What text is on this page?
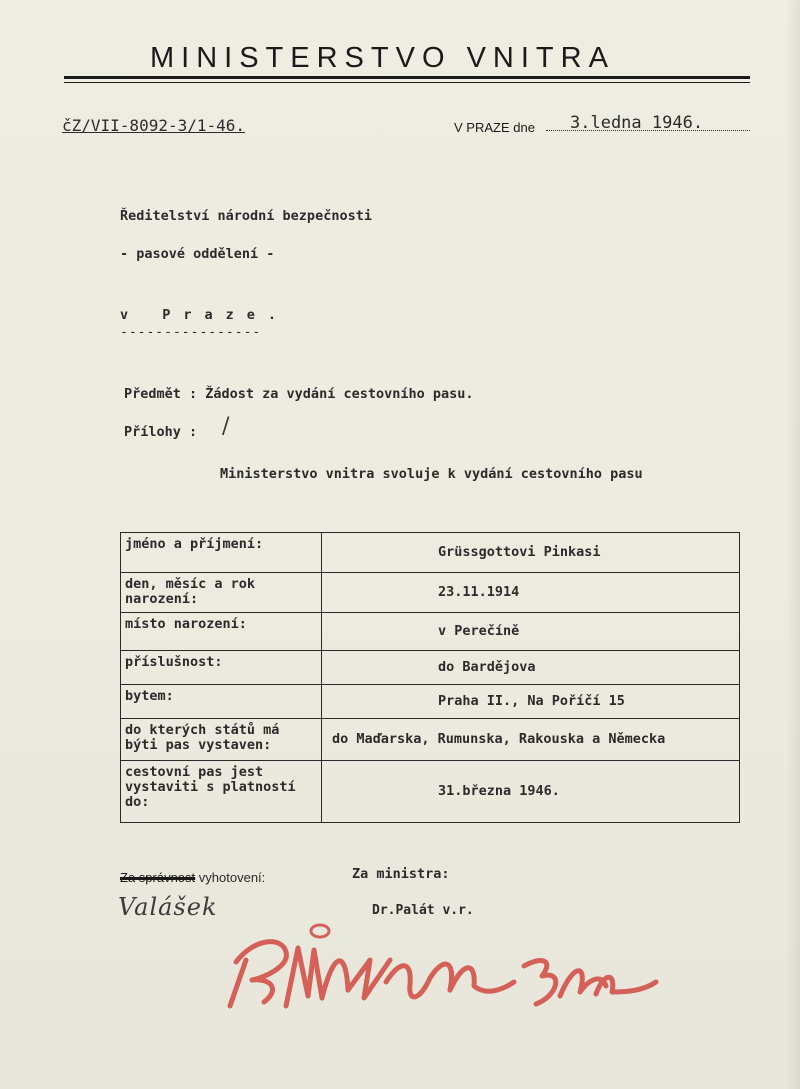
MINISTERSTVO VNITRA
čZ/VII-8092-3/1-46.	V PRAZE dne 3.ledna 1946.
Ředitelství národní bezpečnosti
- pasové oddělení -
v Praze.
----------------
Předmět : Žádost za vydání cestovního pasu.
Přílohy : /
Ministerstvo vnitra svoluje k vydání cestovního pasu
jméno a příjmení:	Grüssgottovi Pinkasi
den, měsíc a rok narození:	23.11.1914
místo narození:	v Perečíně
příslušnost:	do Bardějova
bytem:	Praha II., Na Poříčí 15
do kterých států má býti pas vystaven:	do Maďarska, Rumunska, Rakouska a Německa
cestovní pas jest vystaviti s platností do:	31.března 1946.
Za správnost vyhotovení:
Valášek
Za ministra:
Dr.Palát v.r.
